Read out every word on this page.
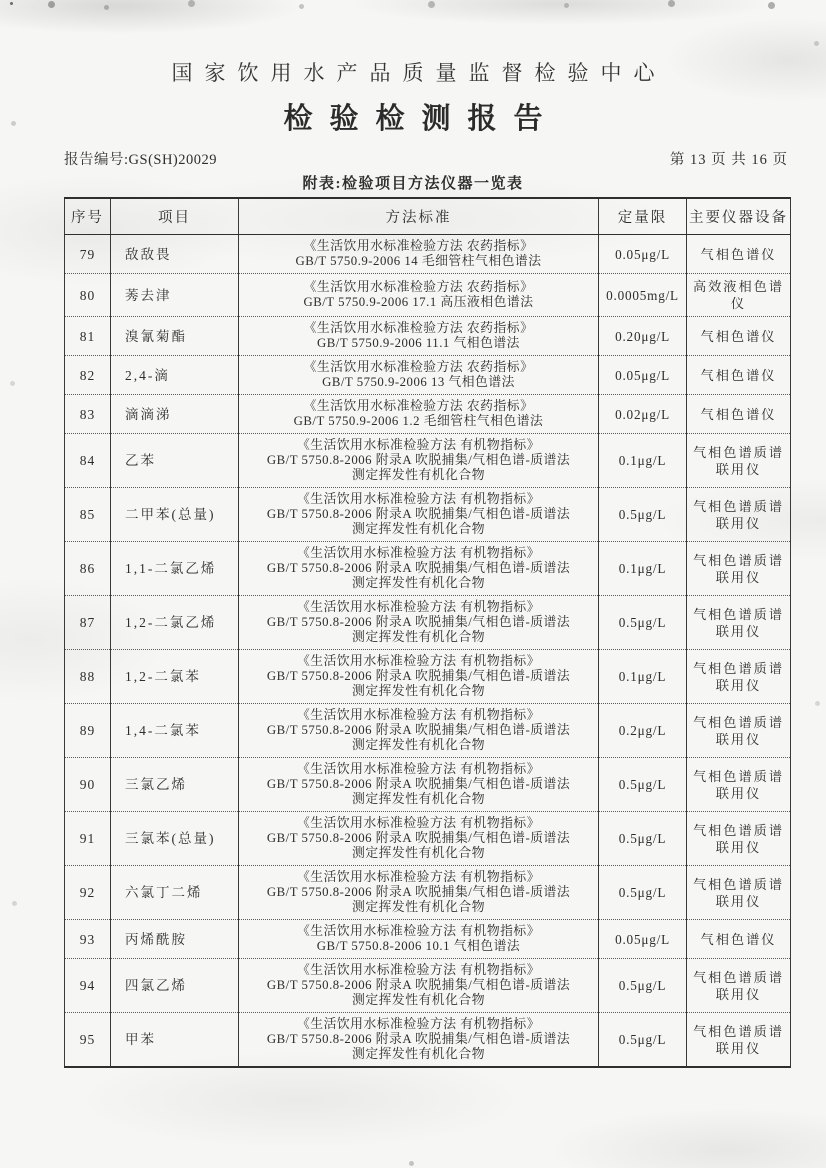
国家饮用水产品质量监督检验中心
检验检测报告
报告编号:GS(SH)20029	第 13 页 共 16 页
附表:检验项目方法仪器一览表
序号	项目	方法标准	定量限	主要仪器设备
79	敌敌畏	《生活饮用水标准检验方法 农药指标》
GB/T 5750.9-2006 14 毛细管柱气相色谱法	0.05μg/L	气相色谱仪
80	莠去津	《生活饮用水标准检验方法 农药指标》
GB/T 5750.9-2006 17.1 高压液相色谱法	0.0005mg/L	高效液相色谱仪
81	溴氰菊酯	《生活饮用水标准检验方法 农药指标》
GB/T 5750.9-2006 11.1 气相色谱法	0.20μg/L	气相色谱仪
82	2,4-滴	《生活饮用水标准检验方法 农药指标》
GB/T 5750.9-2006 13 气相色谱法	0.05μg/L	气相色谱仪
83	滴滴涕	《生活饮用水标准检验方法 农药指标》
GB/T 5750.9-2006 1.2 毛细管柱气相色谱法	0.02μg/L	气相色谱仪
84	乙苯	《生活饮用水标准检验方法 有机物指标》
GB/T 5750.8-2006 附录A 吹脱捕集/气相色谱-质谱法
测定挥发性有机化合物	0.1μg/L	气相色谱质谱联用仪
85	二甲苯(总量)	《生活饮用水标准检验方法 有机物指标》
GB/T 5750.8-2006 附录A 吹脱捕集/气相色谱-质谱法
测定挥发性有机化合物	0.5μg/L	气相色谱质谱联用仪
86	1,1-二氯乙烯	《生活饮用水标准检验方法 有机物指标》
GB/T 5750.8-2006 附录A 吹脱捕集/气相色谱-质谱法
测定挥发性有机化合物	0.1μg/L	气相色谱质谱联用仪
87	1,2-二氯乙烯	《生活饮用水标准检验方法 有机物指标》
GB/T 5750.8-2006 附录A 吹脱捕集/气相色谱-质谱法
测定挥发性有机化合物	0.5μg/L	气相色谱质谱联用仪
88	1,2-二氯苯	《生活饮用水标准检验方法 有机物指标》
GB/T 5750.8-2006 附录A 吹脱捕集/气相色谱-质谱法
测定挥发性有机化合物	0.1μg/L	气相色谱质谱联用仪
89	1,4-二氯苯	《生活饮用水标准检验方法 有机物指标》
GB/T 5750.8-2006 附录A 吹脱捕集/气相色谱-质谱法
测定挥发性有机化合物	0.2μg/L	气相色谱质谱联用仪
90	三氯乙烯	《生活饮用水标准检验方法 有机物指标》
GB/T 5750.8-2006 附录A 吹脱捕集/气相色谱-质谱法
测定挥发性有机化合物	0.5μg/L	气相色谱质谱联用仪
91	三氯苯(总量)	《生活饮用水标准检验方法 有机物指标》
GB/T 5750.8-2006 附录A 吹脱捕集/气相色谱-质谱法
测定挥发性有机化合物	0.5μg/L	气相色谱质谱联用仪
92	六氯丁二烯	《生活饮用水标准检验方法 有机物指标》
GB/T 5750.8-2006 附录A 吹脱捕集/气相色谱-质谱法
测定挥发性有机化合物	0.5μg/L	气相色谱质谱联用仪
93	丙烯酰胺	《生活饮用水标准检验方法 有机物指标》
GB/T 5750.8-2006 10.1 气相色谱法	0.05μg/L	气相色谱仪
94	四氯乙烯	《生活饮用水标准检验方法 有机物指标》
GB/T 5750.8-2006 附录A 吹脱捕集/气相色谱-质谱法
测定挥发性有机化合物	0.5μg/L	气相色谱质谱联用仪
95	甲苯	《生活饮用水标准检验方法 有机物指标》
GB/T 5750.8-2006 附录A 吹脱捕集/气相色谱-质谱法
测定挥发性有机化合物	0.5μg/L	气相色谱质谱联用仪
